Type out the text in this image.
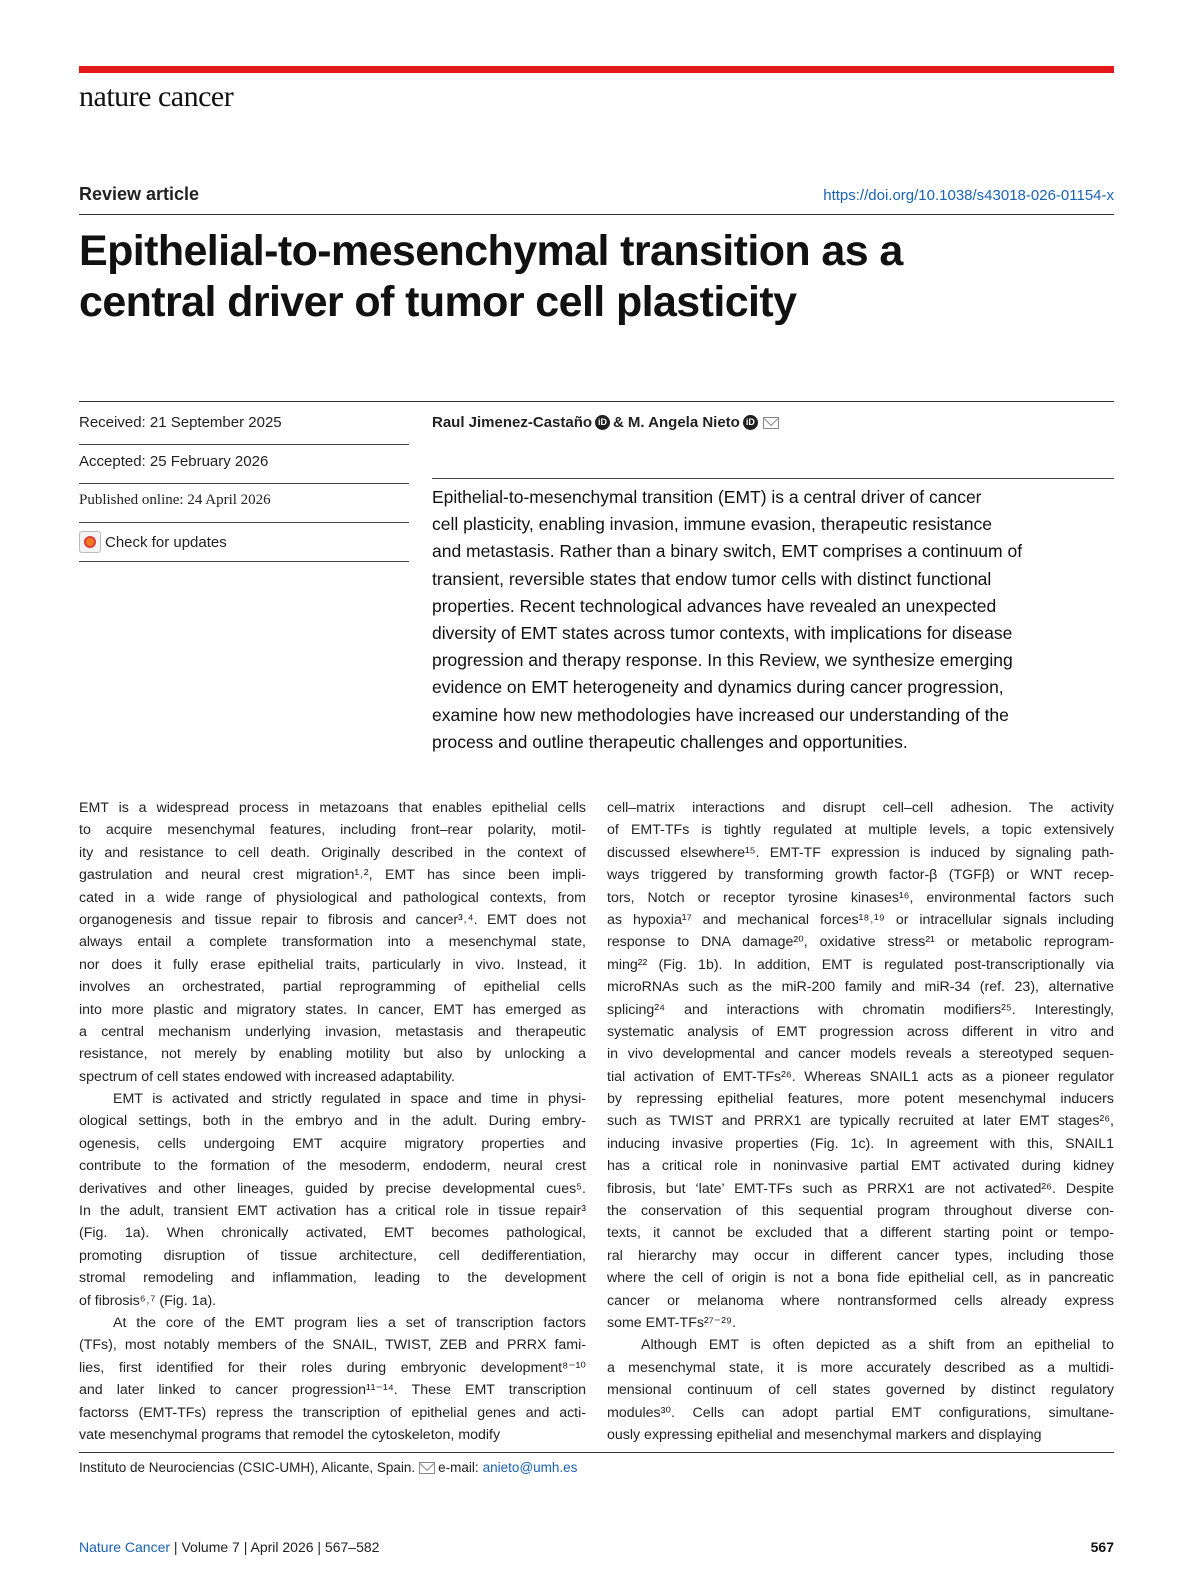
nature cancer
Review article	https://doi.org/10.1038/s43018-026-01154-x
Epithelial-to-mesenchymal transition as a
central driver of tumor cell plasticity
Received: 21 September 2025
Accepted: 25 February 2026
Published online: 24 April 2026
Check for updates
Raul Jimenez-Castaño iD & M. Angela Nieto iD
Epithelial-to-mesenchymal transition (EMT) is a central driver of cancer
cell plasticity, enabling invasion, immune evasion, therapeutic resistance
and metastasis. Rather than a binary switch, EMT comprises a continuum of
transient, reversible states that endow tumor cells with distinct functional
properties. Recent technological advances have revealed an unexpected
diversity of EMT states across tumor contexts, with implications for disease
progression and therapy response. In this Review, we synthesize emerging
evidence on EMT heterogeneity and dynamics during cancer progression,
examine how new methodologies have increased our understanding of the
process and outline therapeutic challenges and opportunities.
EMT is a widespread process in metazoans that enables epithelial cells
to acquire mesenchymal features, including front–rear polarity, motil-
ity and resistance to cell death. Originally described in the context of
gastrulation and neural crest migration¹˒², EMT has since been impli-
cated in a wide range of physiological and pathological contexts, from
organogenesis and tissue repair to fibrosis and cancer³˒⁴. EMT does not
always entail a complete transformation into a mesenchymal state,
nor does it fully erase epithelial traits, particularly in vivo. Instead, it
involves an orchestrated, partial reprogramming of epithelial cells
into more plastic and migratory states. In cancer, EMT has emerged as
a central mechanism underlying invasion, metastasis and therapeutic
resistance, not merely by enabling motility but also by unlocking a
spectrum of cell states endowed with increased adaptability.
EMT is activated and strictly regulated in space and time in physi-
ological settings, both in the embryo and in the adult. During embry-
ogenesis, cells undergoing EMT acquire migratory properties and
contribute to the formation of the mesoderm, endoderm, neural crest
derivatives and other lineages, guided by precise developmental cues⁵.
In the adult, transient EMT activation has a critical role in tissue repair³
(Fig. 1a). When chronically activated, EMT becomes pathological,
promoting disruption of tissue architecture, cell dedifferentiation,
stromal remodeling and inflammation, leading to the development
of fibrosis⁶˒⁷ (Fig. 1a).
At the core of the EMT program lies a set of transcription factors
(TFs), most notably members of the SNAIL, TWIST, ZEB and PRRX fami-
lies, first identified for their roles during embryonic development⁸⁻¹⁰
and later linked to cancer progression¹¹⁻¹⁴. These EMT transcription
factorss (EMT-TFs) repress the transcription of epithelial genes and acti-
vate mesenchymal programs that remodel the cytoskeleton, modify
cell–matrix interactions and disrupt cell–cell adhesion. The activity
of EMT-TFs is tightly regulated at multiple levels, a topic extensively
discussed elsewhere¹⁵. EMT-TF expression is induced by signaling path-
ways triggered by transforming growth factor-β (TGFβ) or WNT recep-
tors, Notch or receptor tyrosine kinases¹⁶, environmental factors such
as hypoxia¹⁷ and mechanical forces¹⁸˒¹⁹ or intracellular signals including
response to DNA damage²⁰, oxidative stress²¹ or metabolic reprogram-
ming²² (Fig. 1b). In addition, EMT is regulated post-transcriptionally via
microRNAs such as the miR-200 family and miR-34 (ref. 23), alternative
splicing²⁴ and interactions with chromatin modifiers²⁵. Interestingly,
systematic analysis of EMT progression across different in vitro and
in vivo developmental and cancer models reveals a stereotyped sequen-
tial activation of EMT-TFs²⁶. Whereas SNAIL1 acts as a pioneer regulator
by repressing epithelial features, more potent mesenchymal inducers
such as TWIST and PRRX1 are typically recruited at later EMT stages²⁶,
inducing invasive properties (Fig. 1c). In agreement with this, SNAIL1
has a critical role in noninvasive partial EMT activated during kidney
fibrosis, but ‘late’ EMT-TFs such as PRRX1 are not activated²⁶. Despite
the conservation of this sequential program throughout diverse con-
texts, it cannot be excluded that a different starting point or tempo-
ral hierarchy may occur in different cancer types, including those
where the cell of origin is not a bona fide epithelial cell, as in pancreatic
cancer or melanoma where nontransformed cells already express
some EMT-TFs²⁷⁻²⁹.
Although EMT is often depicted as a shift from an epithelial to
a mesenchymal state, it is more accurately described as a multidi-
mensional continuum of cell states governed by distinct regulatory
modules³⁰. Cells can adopt partial EMT configurations, simultane-
ously expressing epithelial and mesenchymal markers and displaying
Instituto de Neurociencias (CSIC-UMH), Alicante, Spain. e-mail: anieto@umh.es
Nature Cancer | Volume 7 | April 2026 | 567–582	567
